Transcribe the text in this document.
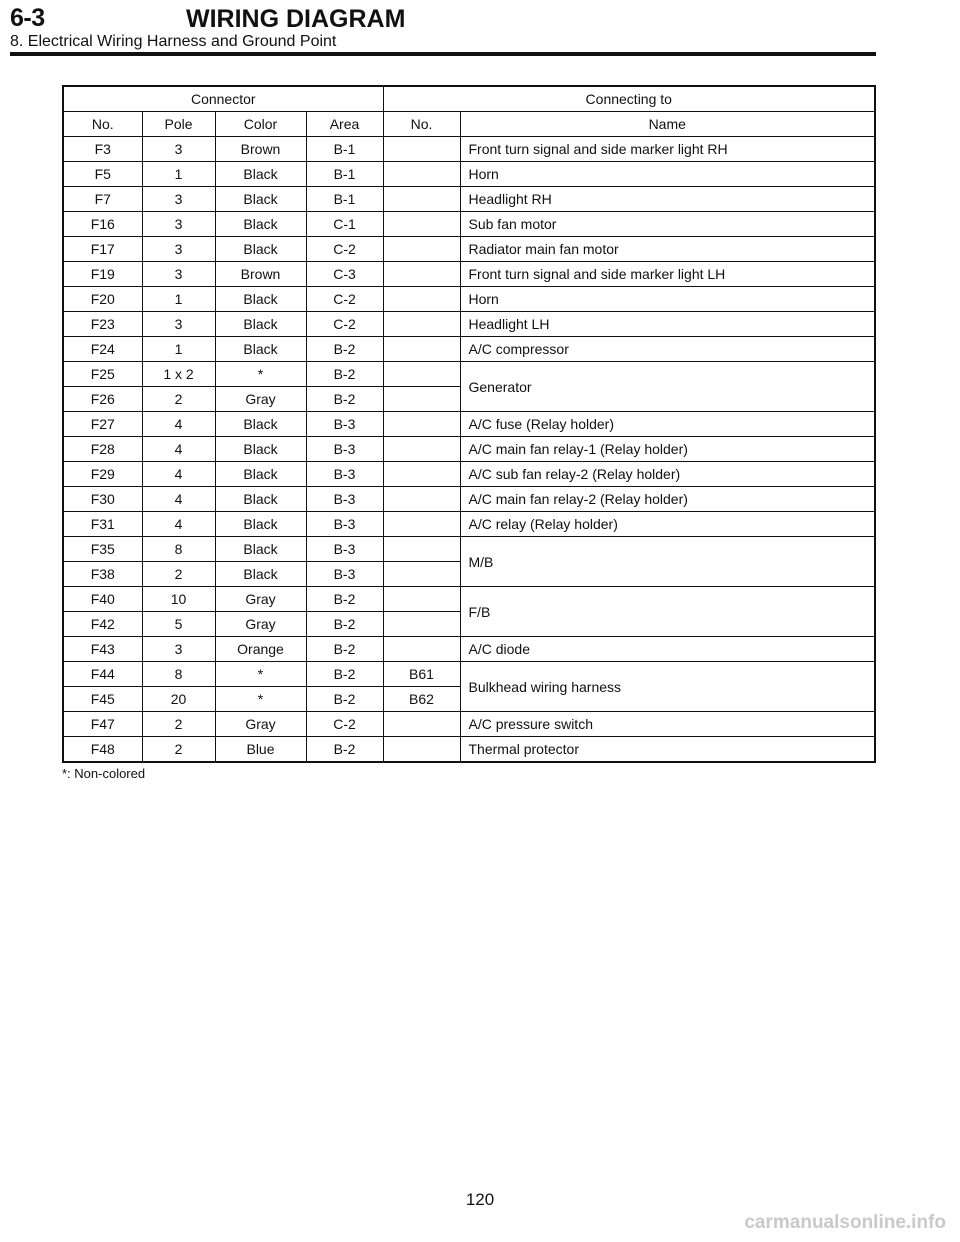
6-3	WIRING DIAGRAM
8. Electrical Wiring Harness and Ground Point
Connector				Connecting to	
No.	Pole	Color	Area	No.	Name
F3	3	Brown	B-1		Front turn signal and side marker light RH
F5	1	Black	B-1		Horn
F7	3	Black	B-1		Headlight RH
F16	3	Black	C-1		Sub fan motor
F17	3	Black	C-2		Radiator main fan motor
F19	3	Brown	C-3		Front turn signal and side marker light LH
F20	1	Black	C-2		Horn
F23	3	Black	C-2		Headlight LH
F24	1	Black	B-2		A/C compressor
F25	1 x 2	*	B-2		Generator
F26	2	Gray	B-2		
F27	4	Black	B-3		A/C fuse (Relay holder)
F28	4	Black	B-3		A/C main fan relay-1 (Relay holder)
F29	4	Black	B-3		A/C sub fan relay-2 (Relay holder)
F30	4	Black	B-3		A/C main fan relay-2 (Relay holder)
F31	4	Black	B-3		A/C relay (Relay holder)
F35	8	Black	B-3		M/B
F38	2	Black	B-3		
F40	10	Gray	B-2		F/B
F42	5	Gray	B-2		
F43	3	Orange	B-2		A/C diode
F44	8	*	B-2	B61	Bulkhead wiring harness
F45	20	*	B-2	B62	
F47	2	Gray	C-2		A/C pressure switch
F48	2	Blue	B-2		Thermal protector
*: Non-colored
120
carmanualsonline.info
